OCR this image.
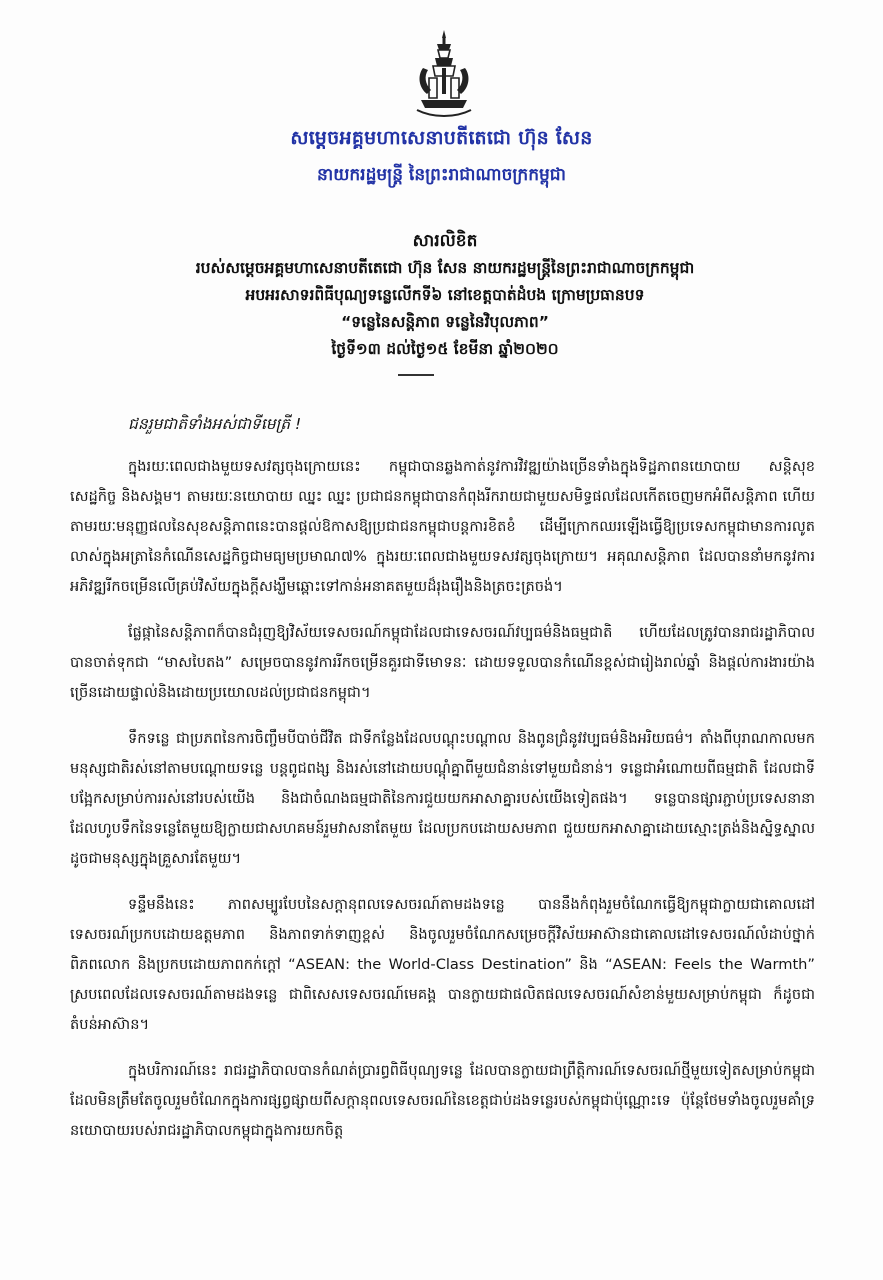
សម្ដេចអគ្គមហាសេនាបតីតេជោ ហ៊ុន សែន
នាយករដ្ឋមន្ត្រី នៃព្រះរាជាណាចក្រកម្ពុជា
សារលិខិត
របស់សម្ដេចអគ្គមហាសេនាបតីតេជោ ហ៊ុន សែន នាយករដ្ឋមន្ត្រីនៃព្រះរាជាណាចក្រកម្ពុជា
អបអរសាទរពិធីបុណ្យទន្លេលើកទី៦ នៅខេត្តបាត់ដំបង ក្រោមប្រធានបទ
“ទន្លេនៃសន្តិភាព ទន្លេនៃវិបុលភាព”
ថ្ងៃទី១៣ ដល់ថ្ងៃ១៥ ខែមីនា ឆ្នាំ២០២០
ជនរួមជាតិទាំងអស់ជាទីមេត្រី !

ក្នុងរយៈពេលជាងមួយទសវត្សចុងក្រោយនេះ កម្ពុជាបានឆ្លងកាត់នូវការវិវឌ្ឍយ៉ាងច្រើនទាំងក្នុងទិដ្ឋភាពនយោបាយ សន្តិសុខ សេដ្ឋកិច្ច និងសង្គម។ តាមរយៈនយោបាយ ឈ្នះ ឈ្នះ ប្រជាជនកម្ពុជាបានកំពុងរីករាយជាមួយសមិទ្ធផលដែលកើតចេញមកអំពីសន្តិភាព ហើយតាមរយៈមនុញ្ញផលនៃសុខសន្តិភាពនេះបានផ្ដល់ឱកាសឱ្យប្រជាជនកម្ពុជាបន្តការខិតខំ ដើម្បីក្រោកឈរឡើងធ្វើឱ្យប្រទេសកម្ពុជាមានការលូតលាស់ក្នុងអត្រានៃកំណើនសេដ្ឋកិច្ចជាមធ្យមប្រមាណ៧% ក្នុងរយៈពេលជាងមួយទសវត្សចុងក្រោយ។ អគុណសន្តិភាព ដែលបាននាំមកនូវការអភិវឌ្ឍរីកចម្រើនលើគ្រប់វិស័យក្នុងក្ដីសង្ឃឹមឆ្ពោះទៅកាន់អនាគតមួយដ៏រុងរឿងនិងត្រចះត្រចង់។

ផ្លែផ្កានៃសន្តិភាពក៏បានជំរុញឱ្យវិស័យទេសចរណ៍កម្ពុជាដែលជាទេសចរណ៍វប្បធម៌និងធម្មជាតិ ហើយដែលត្រូវបានរាជរដ្ឋាភិបាលបានចាត់ទុកជា “មាសបៃតង” សម្រេចបាននូវការរីកចម្រើនគួរជាទីមោទនៈ ដោយទទួលបានកំណើនខ្ពស់ជារៀងរាល់ឆ្នាំ និងផ្ដល់ការងារយ៉ាងច្រើនដោយផ្ទាល់និងដោយប្រយោលដល់ប្រជាជនកម្ពុជា។

ទឹកទន្លេ ជាប្រភពនៃការចិញ្ចឹមបីបាច់ជីវិត ជាទីកន្លែងដែលបណ្ដុះបណ្ដាល និងពូនជ្រំនូវវប្បធម៌និងអរិយធម៌។ តាំងពីបុរាណកាលមក មនុស្សជាតិរស់នៅតាមបណ្ដោយទន្លេ បន្តពូជពង្ស និងរស់នៅដោយបណ្ដុំគ្នាពីមួយជំនាន់ទៅមួយជំនាន់។ ទន្លេជាអំណោយពីធម្មជាតិ ដែលជាទីបង្អែកសម្រាប់ការរស់នៅរបស់យើង និងជាចំណងធម្មជាតិនៃការជួយយកអាសាគ្នារបស់យើងទៀតផង។ ទន្លេបានផ្សារភ្ជាប់ប្រទេសនានា ដែលហូបទឹកនៃទន្លេតែមួយឱ្យក្លាយជាសហគមន៍រួមវាសនាតែមួយ ដែលប្រកបដោយសមភាព ជួយយកអាសាគ្នាដោយស្មោះត្រង់និងស្និទ្ធស្នាលដូចជាមនុស្សក្នុងគ្រួសារតែមួយ។

ទន្ទឹមនឹងនេះ ភាពសម្បូរបែបនៃសក្ដានុពលទេសចរណ៍តាមដងទន្លេ បាននឹងកំពុងរួមចំណែកធ្វើឱ្យកម្ពុជាក្លាយជាគោលដៅទេសចរណ៍ប្រកបដោយឧត្តមភាព និងភាពទាក់ទាញខ្ពស់ និងចូលរួមចំណែកសម្រេចក្ដីវិស័យអាស៊ានជាគោលដៅទេសចរណ៍លំដាប់ថ្នាក់ពិភពលោក និងប្រកបដោយភាពកក់ក្ដៅ “ASEAN: the World-Class Destination” និង “ASEAN: Feels the Warmth” ស្របពេលដែលទេសចរណ៍តាមដងទន្លេ ជាពិសេសទេសចរណ៍មេគង្គ បានក្លាយជាផលិតផលទេសចរណ៍សំខាន់មួយសម្រាប់កម្ពុជា ក៏ដូចជាតំបន់អាស៊ាន។

ក្នុងបរិការណ៍នេះ រាជរដ្ឋាភិបាលបានកំណត់ប្រារព្ធពិធីបុណ្យទន្លេ ដែលបានក្លាយជាព្រឹត្តិការណ៍ទេសចរណ៍ថ្មីមួយទៀតសម្រាប់កម្ពុជា ដែលមិនត្រឹមតែចូលរួមចំណែកក្នុងការផ្សព្វផ្សាយពីសក្ដានុពលទេសចរណ៍នៃខេត្តជាប់ដងទន្លេរបស់កម្ពុជាប៉ុណ្ណោះទេ ប៉ុន្តែថែមទាំងចូលរួមគាំទ្រនយោបាយរបស់រាជរដ្ឋាភិបាលកម្ពុជាក្នុងការយកចិត្ត
